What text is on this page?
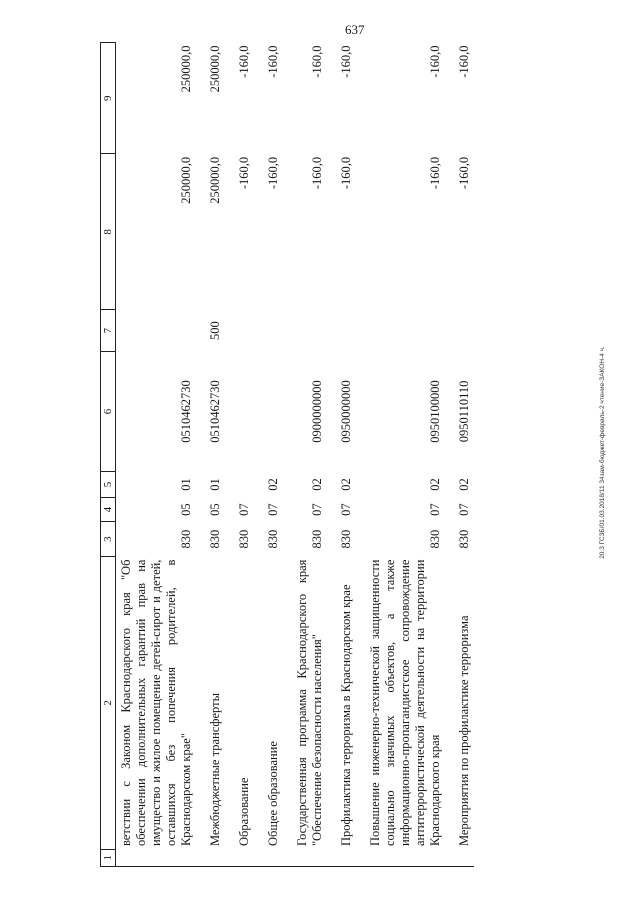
637
20.3 ГСЗБ/01.03.2018/11 34зам-бюджет-февраль-2 чтение-ЗАКОН-4 ч.
1	2	3	4	5	6	7	8	9
	ветствии с Законом Краснодарского края "Об обеспечении дополнительных гарантий прав на имущество и жилое помещение детей-сирот и детей, оставшихся без попечения родителей, в Краснодарском крае"	830	05	01	0510462730		250000,0	250000,0
	Межбюджетные трансферты	830	05	01	0510462730	500	250000,0	250000,0
	Образование	830	07				-160,0	-160,0
	Общее образование	830	07	02			-160,0	-160,0
	Государственная программа Краснодарского края "Обеспечение безопасности населения"	830	07	02	0900000000		-160,0	-160,0
	Профилактика терроризма в Краснодарском крае	830	07	02	0950000000		-160,0	-160,0
	Повышение инженерно-технической защищенности социально значимых объектов, а также информационно-пропагандистское сопровождение антитеррористической деятельности на территории Краснодарского края	830	07	02	0950100000		-160,0	-160,0
	Мероприятия по профилактике терроризма	830	07	02	0950110110		-160,0	-160,0
